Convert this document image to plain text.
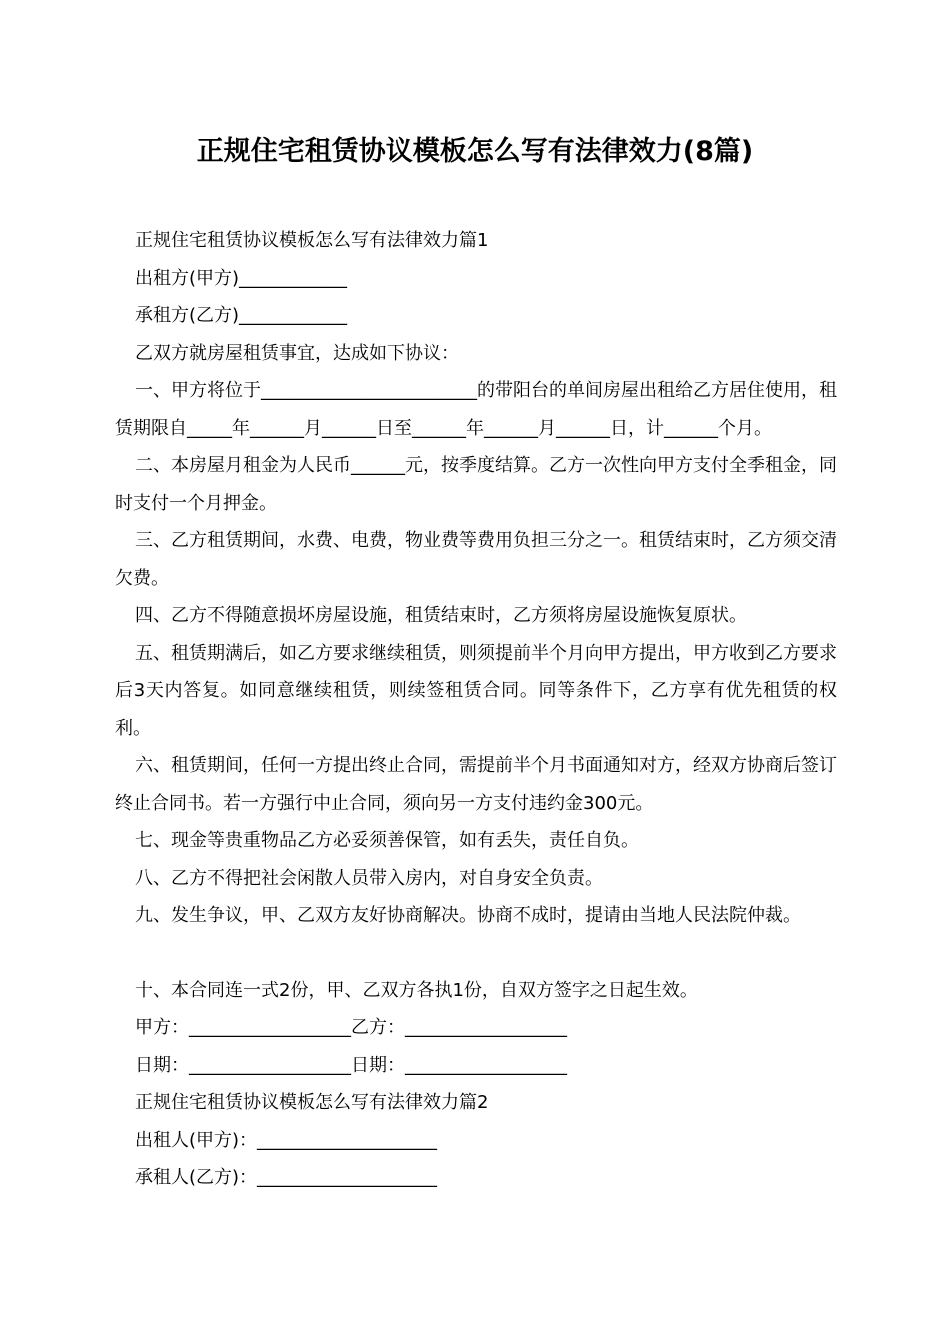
正规住宅租赁协议模板怎么写有法律效力(8篇)

正规住宅租赁协议模板怎么写有法律效力篇1

出租方(甲方)____________

承租方(乙方)____________

乙双方就房屋租赁事宜，达成如下协议：

一、甲方将位于________________________的带阳台的单间房屋出租给乙方居住使用，租赁期限自_____年______月______日至______年______月______日，计______个月。

二、本房屋月租金为人民币______元，按季度结算。乙方一次性向甲方支付全季租金，同时支付一个月押金。

三、乙方租赁期间，水费、电费，物业费等费用负担三分之一。租赁结束时，乙方须交清欠费。

四、乙方不得随意损坏房屋设施，租赁结束时，乙方须将房屋设施恢复原状。

五、租赁期满后，如乙方要求继续租赁，则须提前半个月向甲方提出，甲方收到乙方要求后3天内答复。如同意继续租赁，则续签租赁合同。同等条件下，乙方享有优先租赁的权利。

六、租赁期间，任何一方提出终止合同，需提前半个月书面通知对方，经双方协商后签订终止合同书。若一方强行中止合同，须向另一方支付违约金300元。

七、现金等贵重物品乙方必妥须善保管，如有丢失，责任自负。

八、乙方不得把社会闲散人员带入房内，对自身安全负责。

九、发生争议，甲、乙双方友好协商解决。协商不成时，提请由当地人民法院仲裁。

十、本合同连一式2份，甲、乙双方各执1份，自双方签字之日起生效。

甲方：__________________乙方：__________________

日期：__________________日期：__________________

正规住宅租赁协议模板怎么写有法律效力篇2

出租人(甲方)：____________________

承租人(乙方)：____________________
